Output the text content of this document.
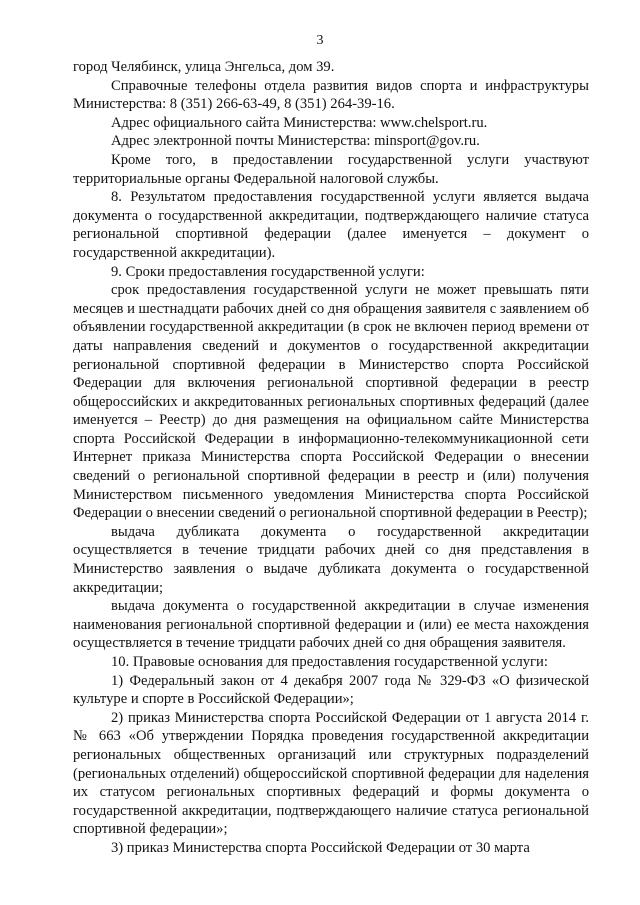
3

город Челябинск, улица Энгельса, дом 39.

Справочные телефоны отдела развития видов спорта и инфраструктуры Министерства: 8 (351) 266-63-49, 8 (351) 264-39-16.

Адрес официального сайта Министерства: www.chelsport.ru.

Адрес электронной почты Министерства: minsport@gov.ru.

Кроме того, в предоставлении государственной услуги участвуют территориальные органы Федеральной налоговой службы.

8. Результатом предоставления государственной услуги является выдача документа о государственной аккредитации, подтверждающего наличие статуса региональной спортивной федерации (далее именуется – документ о государственной аккредитации).

9. Сроки предоставления государственной услуги:

срок предоставления государственной услуги не может превышать пяти месяцев и шестнадцати рабочих дней со дня обращения заявителя с заявлением об объявлении государственной аккредитации (в срок не включен период времени от даты направления сведений и документов о государственной аккредитации региональной спортивной федерации в Министерство спорта Российской Федерации для включения региональной спортивной федерации в реестр общероссийских и аккредитованных региональных спортивных федераций (далее именуется – Реестр) до дня размещения на официальном сайте Министерства спорта Российской Федерации в информационно-телекоммуникационной сети Интернет приказа Министерства спорта Российской Федерации о внесении сведений о региональной спортивной федерации в реестр и (или) получения Министерством письменного уведомления Министерства спорта Российской Федерации о внесении сведений о региональной спортивной федерации в Реестр);

выдача дубликата документа о государственной аккредитации осуществляется в течение тридцати рабочих дней со дня представления в Министерство заявления о выдаче дубликата документа о государственной аккредитации;

выдача документа о государственной аккредитации в случае изменения наименования региональной спортивной федерации и (или) ее места нахождения осуществляется в течение тридцати рабочих дней со дня обращения заявителя.

10. Правовые основания для предоставления государственной услуги:

1) Федеральный закон от 4 декабря 2007 года № 329-ФЗ «О физической культуре и спорте в Российской Федерации»;

2) приказ Министерства спорта Российской Федерации от 1 августа 2014 г. № 663 «Об утверждении Порядка проведения государственной аккредитации региональных общественных организаций или структурных подразделений (региональных отделений) общероссийской спортивной федерации для наделения их статусом региональных спортивных федераций и формы документа о государственной аккредитации, подтверждающего наличие статуса региональной спортивной федерации»;

3) приказ Министерства спорта Российской Федерации от 30 марта
